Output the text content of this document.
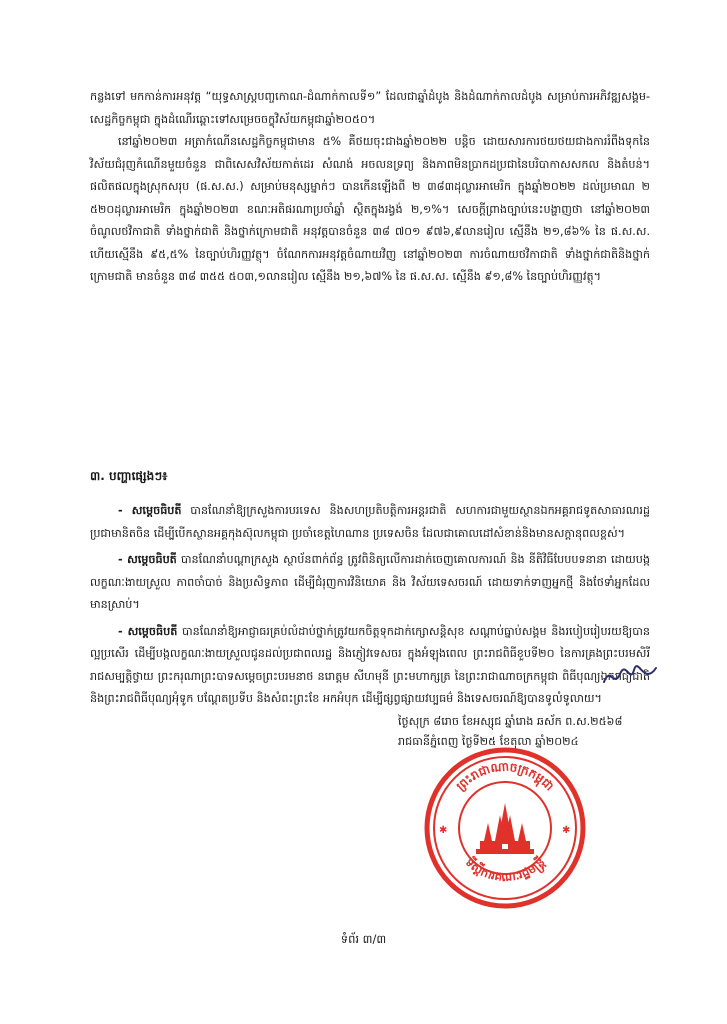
កន្លងទៅ មកកាន់ការអនុវត្ត “យុទ្ធសាស្ត្របញ្ចកោណ-ដំណាក់កាលទី១” ដែលជាឆ្នាំដំបូង និងដំណាក់កាលដំបូង សម្រាប់ការអភិវឌ្ឍសង្គម-សេដ្ឋកិច្ចកម្ពុជា ក្នុងដំណើរឆ្ពោះទៅសម្រេចចក្ខុវិស័យកម្ពុជាឆ្នាំ២០៥០។
នៅឆ្នាំ២០២៣ អត្រាកំណើនសេដ្ឋកិច្ចកម្ពុជាមាន ៥% គឺថយចុះជាងឆ្នាំ២០២២ បន្តិច ដោយសារការថយថយជាងការរំពឹងទុកនៃវិស័យជំរុញកំណើនមួយចំនួន ជាពិសេសវិស័យកាត់ដេរ សំណង់ អចលនទ្រព្យ និងភាពមិនប្រាកដប្រជានៃបរិបាកាសសកល និងតំបន់។ ផលិតផលក្នុងស្រុកសរុប (ផ.ស.ស.) សម្រាប់មនុស្សម្នាក់ៗ បានកើនឡើងពី ២ ៣៨៣ដុល្លារអាមេរិក ក្នុងឆ្នាំ២០២២ ដល់ប្រមាណ ២ ៥២០ដុល្លារអាមេរិក ក្នុងឆ្នាំ២០២៣ ខណៈអតិផរណាប្រចាំឆ្នាំ ស្ថិតក្នុងរង្វង់ ២,១%។ សេចក្តីព្រាងច្បាប់នេះបង្ហាញថា នៅឆ្នាំ២០២៣ ចំណូលថវិកាជាតិ ទាំងថ្នាក់ជាតិ និងថ្នាក់ក្រោមជាតិ អនុវត្តបានចំនួន ៣៨ ៧០១ ៩៧៦,៩លានរៀល ស្មើនឹង ២១,៨៦% នៃ ផ.ស.ស. ហើយស្មើនឹង ៩៥,៥% នៃច្បាប់ហិរញ្ញវត្ថុ។ ចំណែកការអនុវត្តចំណាយវិញ នៅឆ្នាំ២០២៣ ការចំណាយថវិកាជាតិ ទាំងថ្នាក់ជាតិនិងថ្នាក់ក្រោមជាតិ មានចំនួន ៣៨ ៣៥៥ ៥០៣,១លានរៀល ស្មើនឹង ២១,៦៧% នៃ ផ.ស.ស. ស្មើនឹង ៩១,៨% នៃច្បាប់ហិរញ្ញវត្ថុ។
៣. បញ្ហាផ្សេងៗ៖
- សម្តេចធិបតី បានណែនាំឱ្យក្រសួងការបរទេស និងសហប្រតិបត្តិការអន្តរជាតិ សហការជាមួយស្ថានឯកអគ្គរាជទូតសាធារណរដ្ឋប្រជាមានិតចិន ដើម្បីបើកស្ថានអគ្គកុងស៊ុលកម្ពុជា ប្រចាំខេត្តហៃណាន ប្រទេសចិន ដែលជាគោលដៅសំខាន់និងមានសក្តានុពលខ្ពស់។
- សម្តេចធិបតី បានណែនាំបណ្តាក្រសួង ស្ថាប័នពាក់ព័ន្ធ ត្រូវពិនិត្យលើការដាក់ចេញគោលការណ៍ និង នីតិវិធីបែបបទនានា ដោយបង្កលក្ខណៈងាយស្រួល ភាពចាំបាច់ និងប្រសិទ្ធភាព ដើម្បីជំរុញការវិនិយោគ និង វិស័យទេសចរណ៍ ដោយទាក់ទាញអ្នកថ្មី និងថែទាំអ្នកដែលមានស្រាប់។
- សម្តេចធិបតី បានណែនាំឱ្យអាជ្ញាធរគ្រប់លំដាប់ថ្នាក់ត្រូវយកចិត្តទុកដាក់ក្សោសន្តិសុខ សណ្តាប់ធ្នាប់សង្គម និងរបៀបរៀបរយឱ្យបានល្អប្រសើរ ដើម្បីបង្កលក្ខណៈងាយស្រួលជូនដល់ប្រជាពលរដ្ឋ និងភ្ញៀវទេសចរ ក្នុងអំឡុងពេល ព្រះរាជពិធីខួបទី២០ នៃការគ្រងព្រះបរមសិរីរាជសម្បត្តិថ្វាយ ព្រះករុណាព្រះបាទសម្តេចព្រះបរមនាថ នរោត្តម សីហមុនី ព្រះមហាក្សត្រ នៃព្រះរាជាណាចក្រកម្ពុជា ពិធីបុណ្យឯករាជ្យជាតិ និងព្រះរាជពិធីបុណ្យអុំទូក បណ្តែតប្រទីប និងសំពះព្រះខែ អកអំបុក ដើម្បីផ្សព្វផ្សាយវប្បធម៌ និងទេសចរណ៍ឱ្យបានទូលំទូលាយ។
ថ្ងៃសុក្រ ៨រោច ខែអស្សុជ ឆ្នាំរោង ឆស័ក ព.ស.២៥៦៨
រាជធានីភ្នំពេញ ថ្ងៃទី២៥ ខែតុលា ឆ្នាំ២០២៤
ព្រះរាជាណាចក្រកម្ពុជា
ទីស្តីការគណៈរដ្ឋមន្ត្រី
✱	✱
ទំព័រ ៣/៣
